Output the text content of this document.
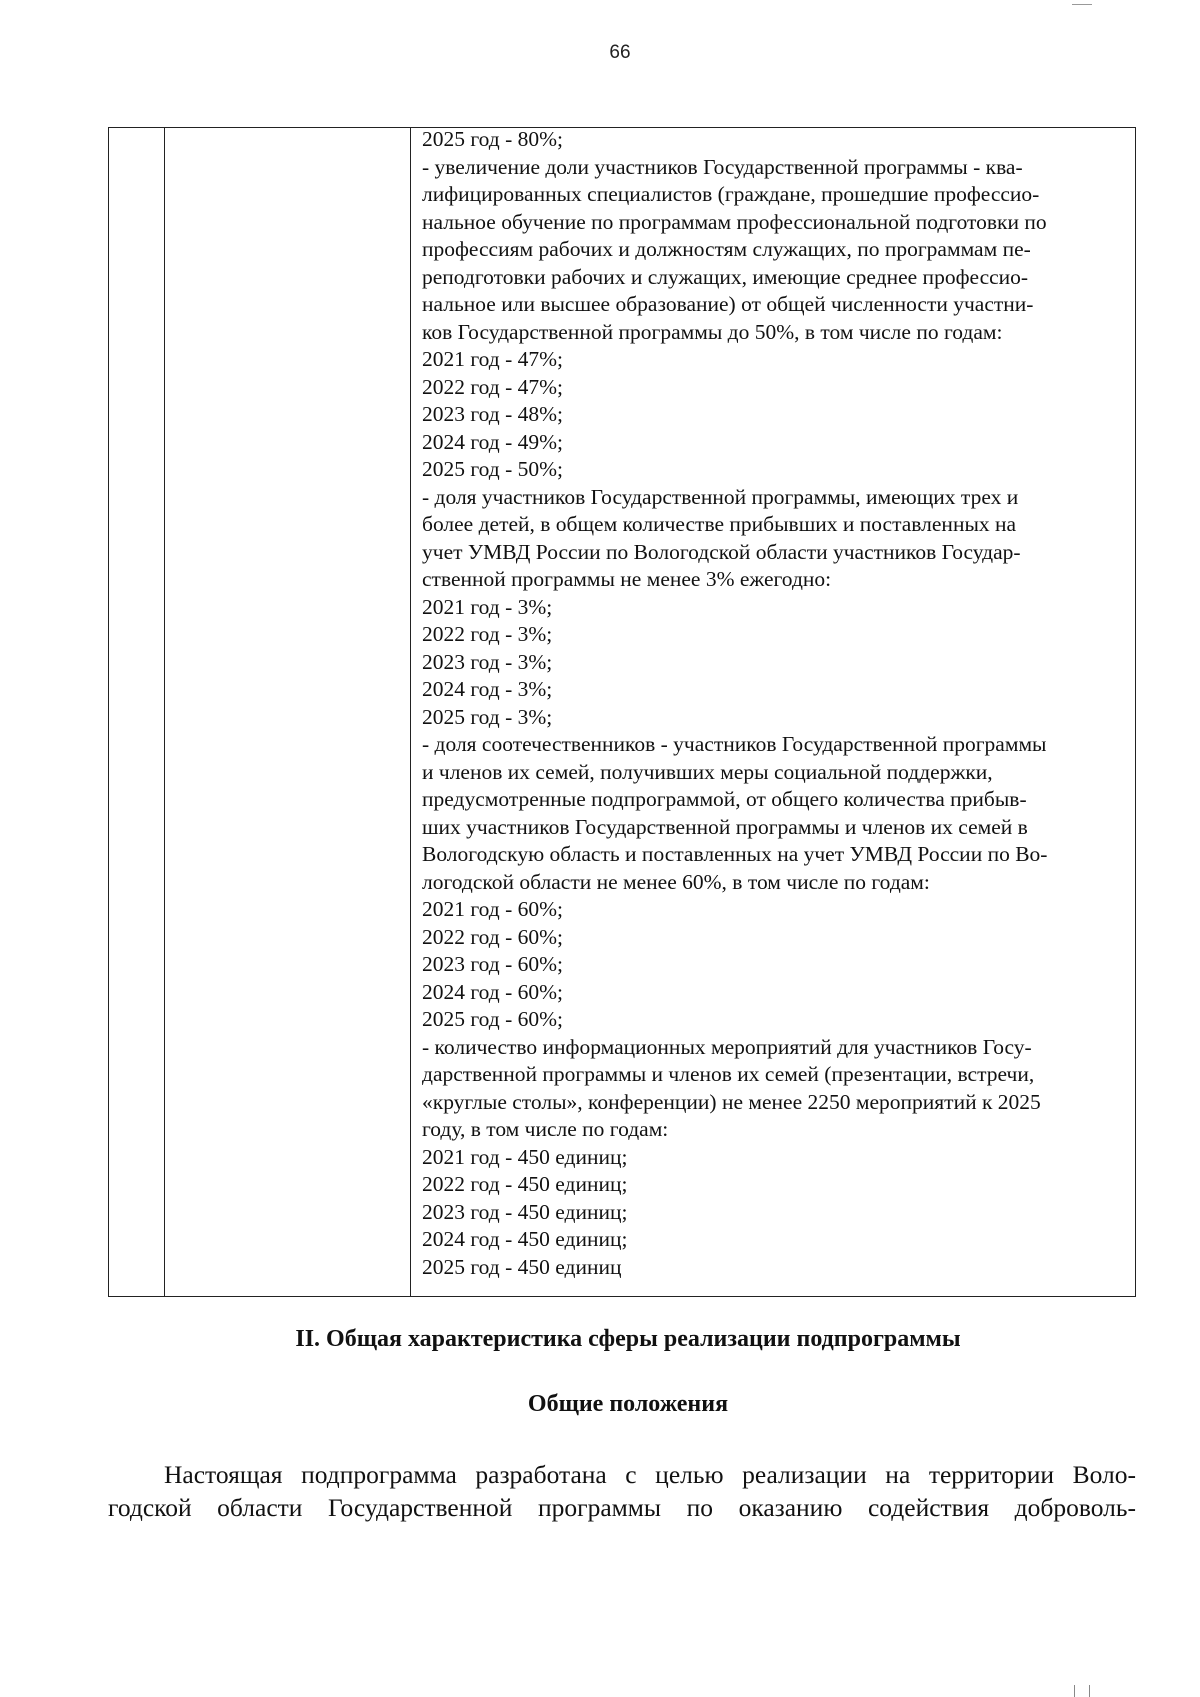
66
2025 год - 80%;
- увеличение доли участников Государственной программы - ква-
лифицированных специалистов (граждане, прошедшие профессио-
нальное обучение по программам профессиональной подготовки по
профессиям рабочих и должностям служащих, по программам пе-
реподготовки рабочих и служащих, имеющие среднее профессио-
нальное или высшее образование) от общей численности участни-
ков Государственной программы до 50%, в том числе по годам:
2021 год - 47%;
2022 год - 47%;
2023 год - 48%;
2024 год - 49%;
2025 год - 50%;
- доля участников Государственной программы, имеющих трех и
более детей, в общем количестве прибывших и поставленных на
учет УМВД России по Вологодской области участников Государ-
ственной программы не менее 3% ежегодно:
2021 год - 3%;
2022 год - 3%;
2023 год - 3%;
2024 год - 3%;
2025 год - 3%;
- доля соотечественников - участников Государственной программы
и членов их семей, получивших меры социальной поддержки,
предусмотренные подпрограммой, от общего количества прибыв-
ших участников Государственной программы и членов их семей в
Вологодскую область и поставленных на учет УМВД России по Во-
логодской области не менее 60%, в том числе по годам:
2021 год - 60%;
2022 год - 60%;
2023 год - 60%;
2024 год - 60%;
2025 год - 60%;
- количество информационных мероприятий для участников Госу-
дарственной программы и членов их семей (презентации, встречи,
«круглые столы», конференции) не менее 2250 мероприятий к 2025
году, в том числе по годам:
2021 год - 450 единиц;
2022 год - 450 единиц;
2023 год - 450 единиц;
2024 год - 450 единиц;
2025 год - 450 единиц
II. Общая характеристика сферы реализации подпрограммы
Общие положения
Настоящая подпрограмма разработана с целью реализации на территории Воло-
годской области Государственной программы по оказанию содействия доброволь-
